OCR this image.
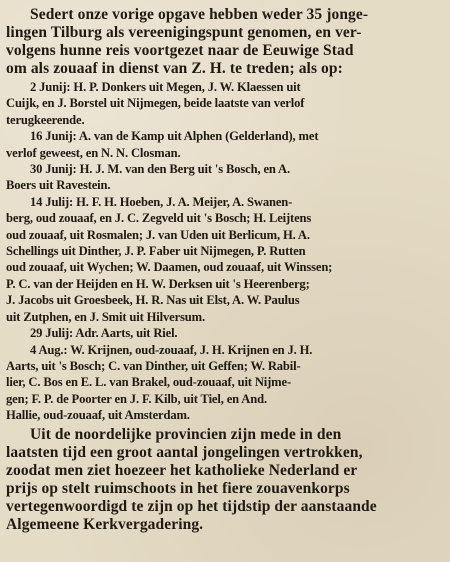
Sedert onze vorige opgave hebben weder 35 jonge-
lingen Tilburg als vereenigingspunt genomen, en ver-
volgens hunne reis voortgezet naar de Eeuwige Stad
om als zouaaf in dienst van Z. H. te treden; als op:
2 Junij: H. P. Donkers uit Megen, J. W. Klaessen uit
Cuijk, en J. Borstel uit Nijmegen, beide laatste van verlof
terugkeerende.
16 Junij: A. van de Kamp uit Alphen (Gelderland), met
verlof geweest, en N. N. Closman.
30 Junij: H. J. M. van den Berg uit 's Bosch, en A.
Boers uit Ravestein.
14 Julij: H. F. H. Hoeben, J. A. Meijer, A. Swanen-
berg, oud zouaaf, en J. C. Zegveld uit 's Bosch; H. Leijtens
oud zouaaf, uit Rosmalen; J. van Uden uit Berlicum, H. A.
Schellings uit Dinther, J. P. Faber uit Nijmegen, P. Rutten
oud zouaaf, uit Wychen; W. Daamen, oud zouaaf, uit Winssen;
P. C. van der Heijden en H. W. Derksen uit 's Heerenberg;
J. Jacobs uit Groesbeek, H. R. Nas uit Elst, A. W. Paulus
uit Zutphen, en J. Smit uit Hilversum.
29 Julij: Adr. Aarts, uit Riel.
4 Aug.: W. Krijnen, oud-zouaaf, J. H. Krijnen en J. H.
Aarts, uit 's Bosch; C. van Dinther, uit Geffen; W. Rabil-
lier, C. Bos en E. L. van Brakel, oud-zouaaf, uit Nijme-
gen; F. P. de Poorter en J. F. Kilb, uit Tiel, en And.
Hallie, oud-zouaaf, uit Amsterdam.
Uit de noordelijke provincien zijn mede in den
laatsten tijd een groot aantal jongelingen vertrokken,
zoodat men ziet hoezeer het katholieke Nederland er
prijs op stelt ruimschoots in het fiere zouavenkorps
vertegenwoordigd te zijn op het tijdstip der aanstaande
Algemeene Kerkvergadering.
